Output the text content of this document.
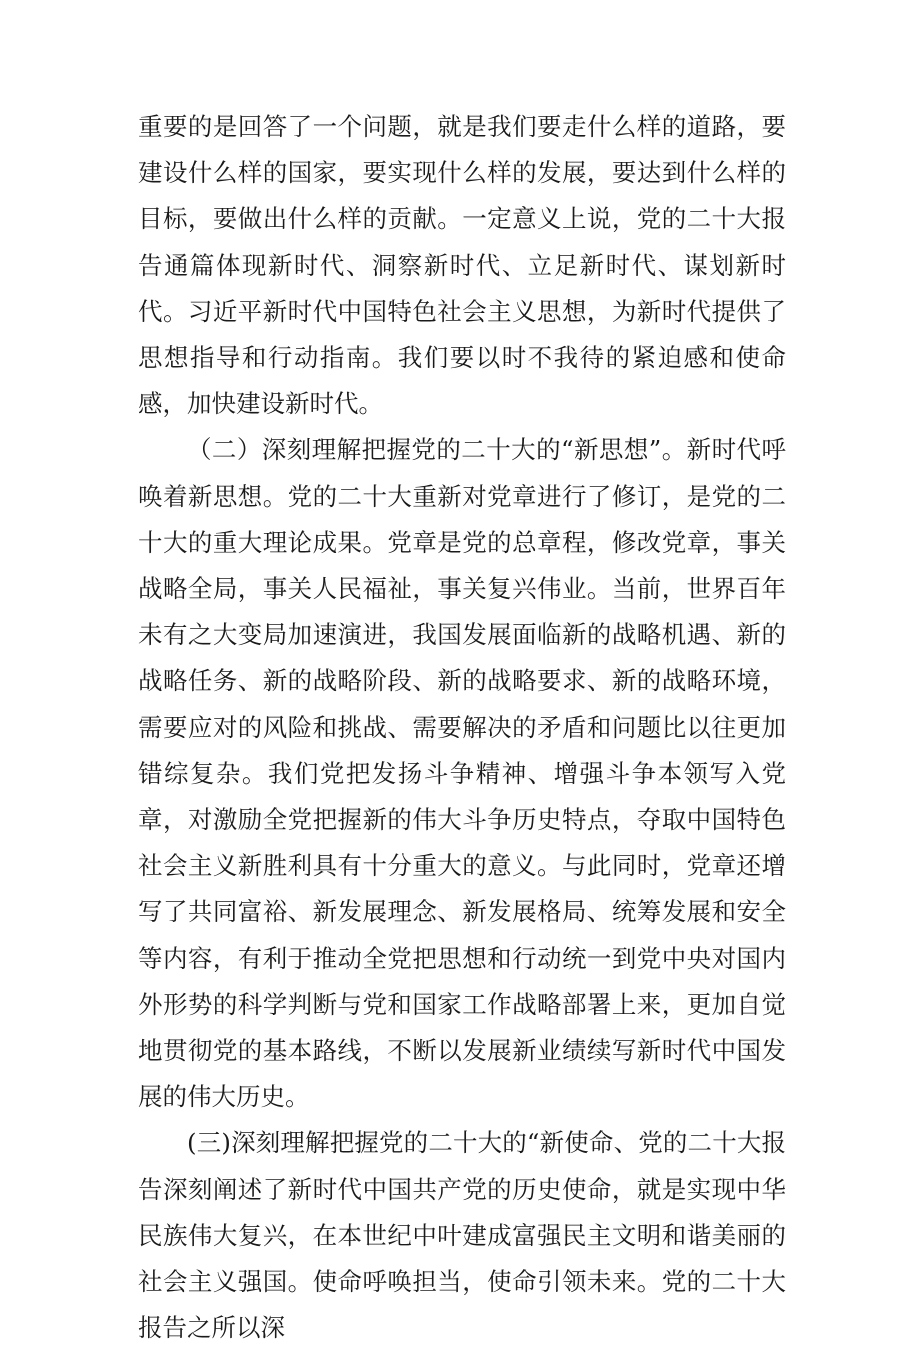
重要的是回答了一个问题，就是我们要走什么样的道路，要建设什么样的国家，要实现什么样的发展，要达到什么样的目标，要做出什么样的贡献。一定意义上说，党的二十大报告通篇体现新时代、洞察新时代、立足新时代、谋划新时代。习近平新时代中国特色社会主义思想，为新时代提供了思想指导和行动指南。我们要以时不我待的紧迫感和使命感，加快建设新时代。

（二）深刻理解把握党的二十大的“新思想”。新时代呼唤着新思想。党的二十大重新对党章进行了修订，是党的二十大的重大理论成果。党章是党的总章程，修改党章，事关战略全局，事关人民福祉，事关复兴伟业。当前，世界百年未有之大变局加速演进，我国发展面临新的战略机遇、新的战略任务、新的战略阶段、新的战略要求、新的战略环境，需要应对的风险和挑战、需要解决的矛盾和问题比以往更加错综复杂。我们党把发扬斗争精神、增强斗争本领写入党章，对激励全党把握新的伟大斗争历史特点，夺取中国特色社会主义新胜利具有十分重大的意义。与此同时，党章还增写了共同富裕、新发展理念、新发展格局、统筹发展和安全等内容，有利于推动全党把思想和行动统一到党中央对国内外形势的科学判断与党和国家工作战略部署上来，更加自觉地贯彻党的基本路线，不断以发展新业绩续写新时代中国发展的伟大历史。

(三)深刻理解把握党的二十大的“新使命、党的二十大报告深刻阐述了新时代中国共产党的历史使命，就是实现中华民族伟大复兴，在本世纪中叶建成富强民主文明和谐美丽的社会主义强国。使命呼唤担当，使命引领未来。党的二十大报告之所以深
